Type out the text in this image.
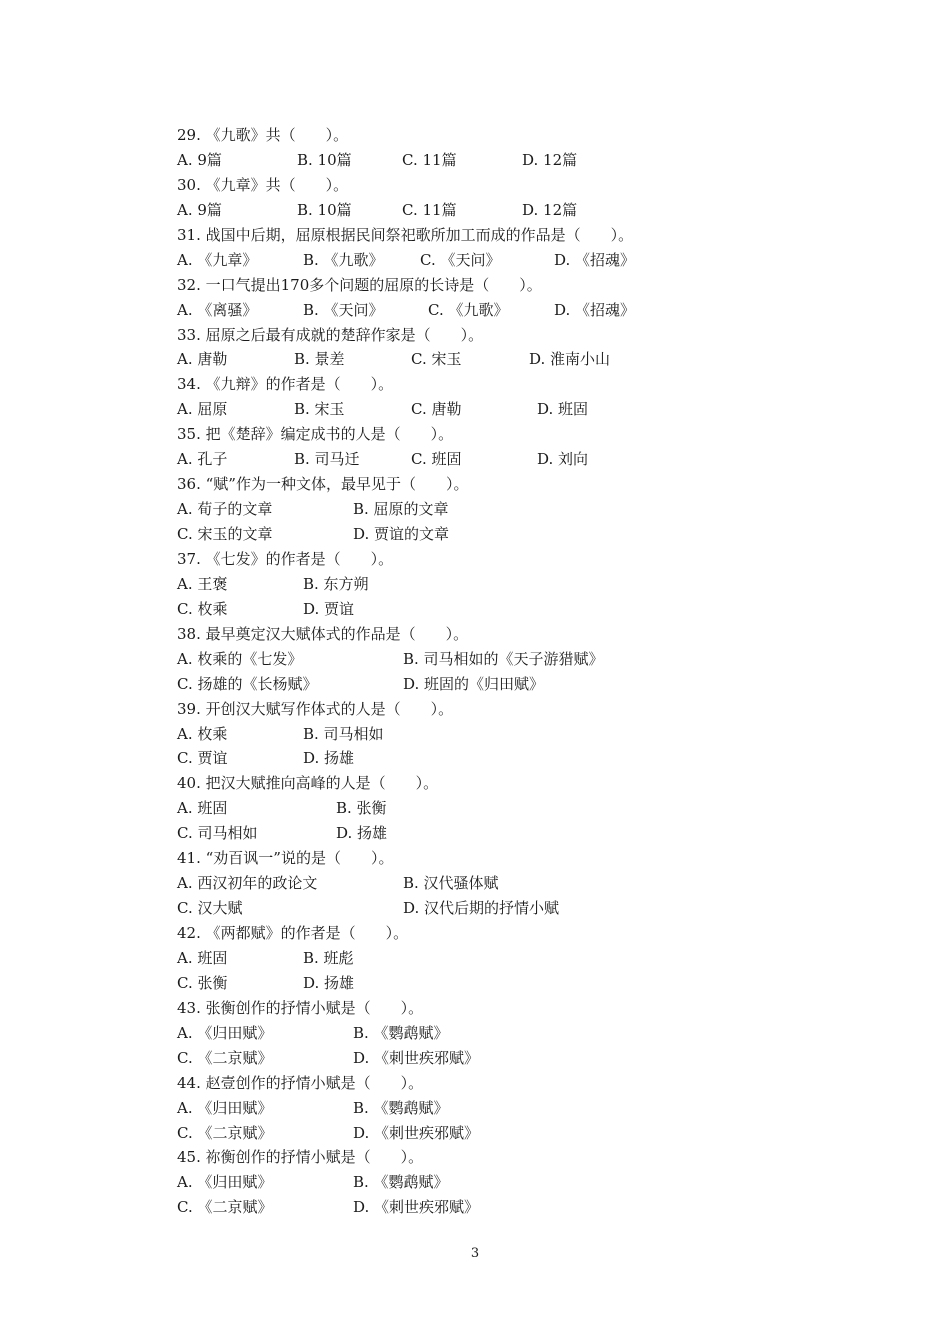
29. 《九歌》共（　　）。

A. 9篇

	B. 10篇

	C. 11篇

	D. 12篇

30. 《九章》共（　　）。

A. 9篇

	B. 10篇

	C. 11篇

	D. 12篇

31. 战国中后期，屈原根据民间祭祀歌所加工而成的作品是（　　）。

A. 《九章》

	B. 《九歌》

C. 《天问》

	D. 《招魂》

32. 一口气提出170多个问题的屈原的长诗是（　　）。

A. 《离骚》

	B. 《天问》

	C. 《九歌》

	D. 《招魂》

33. 屈原之后最有成就的楚辞作家是（　　）。

A. 唐勒

	B. 景差

	C. 宋玉

	D. 淮南小山

34. 《九辩》的作者是（　　）。

A. 屈原

	B. 宋玉

	C. 唐勒

	D. 班固

35. 把《楚辞》编定成书的人是（　　）。

A. 孔子

	B. 司马迁

	C. 班固

	D. 刘向

36. “赋”作为一种文体，最早见于（　　）。

A. 荀子的文章

	B. 屈原的文章

C. 宋玉的文章

	D. 贾谊的文章

37. 《七发》的作者是（　　）。

A. 王褒

	B. 东方朔

C. 枚乘

	D. 贾谊

38. 最早奠定汉大赋体式的作品是（　　）。

A. 枚乘的《七发》

	B. 司马相如的《天子游猎赋》

C. 扬雄的《长杨赋》

	D. 班固的《归田赋》

39. 开创汉大赋写作体式的人是（　　）。

A. 枚乘

	B. 司马相如

C. 贾谊

	D. 扬雄

40. 把汉大赋推向高峰的人是（　　）。

A. 班固

	B. 张衡

C. 司马相如

	D. 扬雄

41. “劝百讽一”说的是（　　）。

A. 西汉初年的政论文

	B. 汉代骚体赋

C. 汉大赋

	D. 汉代后期的抒情小赋

42. 《两都赋》的作者是（　　）。

A. 班固

	B. 班彪

C. 张衡

	D. 扬雄

43. 张衡创作的抒情小赋是（　　）。

A. 《归田赋》

	B. 《鹦鹉赋》

C. 《二京赋》

	D. 《刺世疾邪赋》

44. 赵壹创作的抒情小赋是（　　）。

A. 《归田赋》

	B. 《鹦鹉赋》

C. 《二京赋》

	D. 《刺世疾邪赋》

45. 祢衡创作的抒情小赋是（　　）。

A. 《归田赋》

	B. 《鹦鹉赋》

C. 《二京赋》

	D. 《刺世疾邪赋》

3
